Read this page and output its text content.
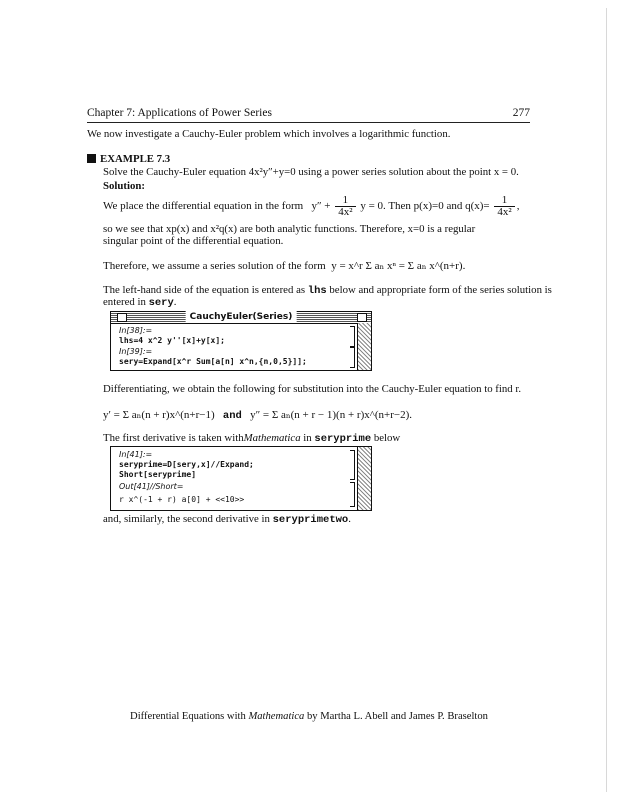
Chapter 7: Applications of Power Series	277
We now investigate a Cauchy-Euler problem which involves a logarithmic function.
EXAMPLE 7.3
Solve the Cauchy-Euler equation 4x²y″+y=0 using a power series solution about the point x = 0.
Solution:
We place the differential equation in the form $y'' + \frac{1}{\text{4x²}}$ y = 0. Then p(x)=0 and $q(x)= \frac{1}{\text{4x²}}$ ,
so we see that xp(x) and x²q(x) are both analytic functions. Therefore, x=0 is a regular
singular point of the differential equation.
Therefore, we assume a series solution of the form y = x^r Σ aₙ xⁿ = Σ aₙ x^(n+r).
The left-hand side of the equation is entered as lhs below and appropriate form of the series solution is
entered in sery.
CauchyEuler(Series)
In[38]:=
lhs=4 x^2 y''[x]+y[x];
In[39]:=
sery=Expand[x^r Sum[a[n] x^n,{n,0,5}]];
Differentiating, we obtain the following for substitution into the Cauchy-Euler equation to find r.
y′ = Σ aₙ(n + r)x^(n+r−1) and y″ = Σ aₙ(n + r − 1)(n + r)x^(n+r−2).
The first derivative is taken withMathematica in seryprime below
In[41]:=
seryprime=D[sery,x]//Expand;
Short[seryprime]
Out[41]//Short=
r x^(-1 + r) a[0] + <<10>>
and, similarly, the second derivative in seryprimetwo.
Differential Equations with Mathematica by Martha L. Abell and James P. Braselton
